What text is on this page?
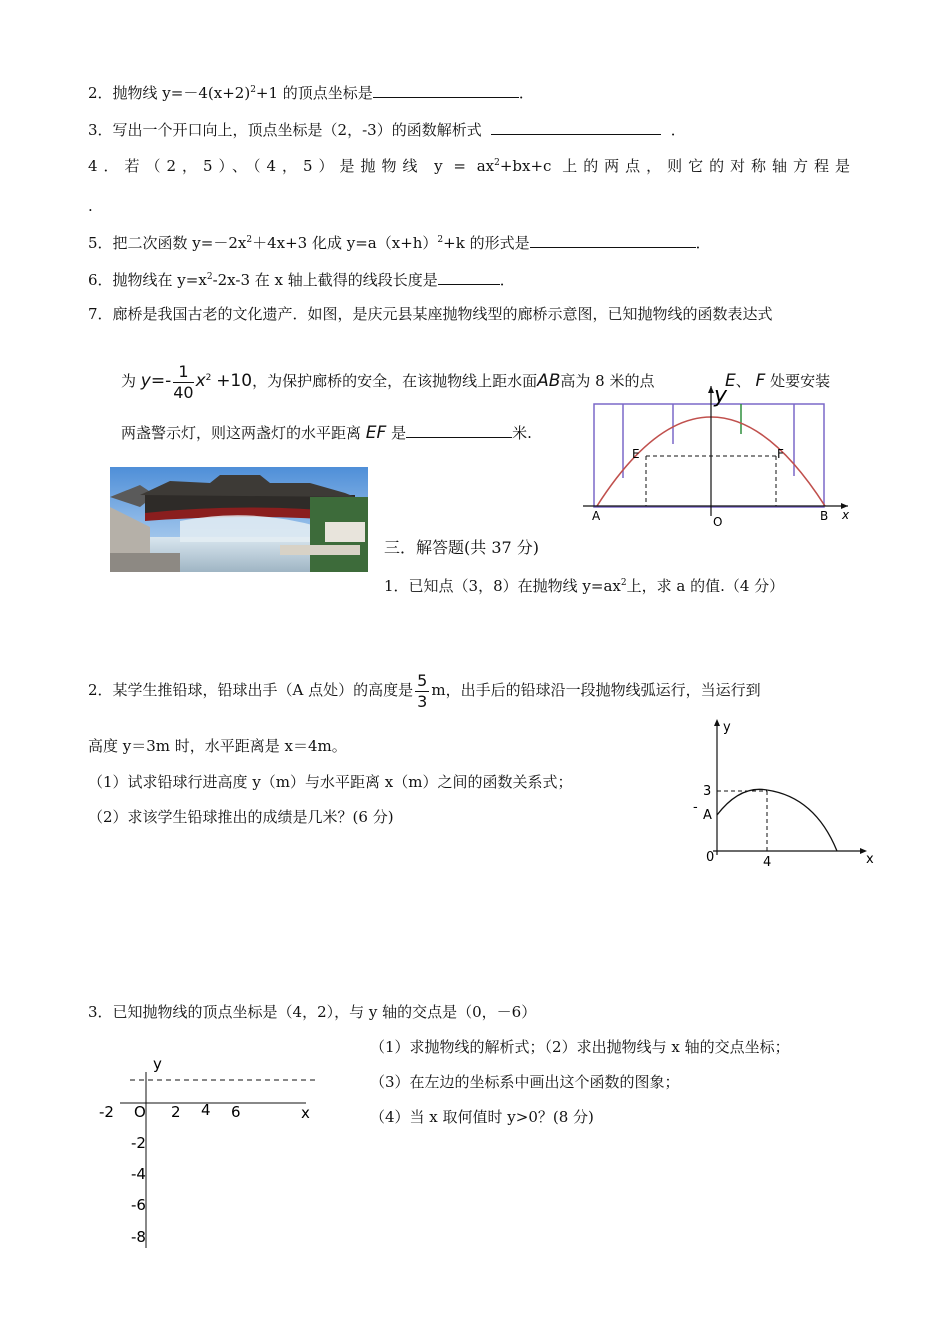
2．抛物线 $y=-4(x+2)^2+1$ 的顶点坐标是	．
3．写出一个开口向上，顶点坐标是（2，-3）的函数解析式	．
4．若（2，5）、（4，5）是抛物线 $y = ax^2+bx+c$ 上的两点，则它的对称轴方程是
.
5．把二次函数 $y=-2x^2+4x+3$ 化成 $y=a(x+h)^2+k$ 的形式是	．
6．抛物线在 $y=x^2-2x-3$ 在 x 轴上截得的线段长度是	．
7．廊桥是我国古老的文化遗产．如图，是庆元县某座抛物线型的廊桥示意图，已知抛物线的函数表达式
为 $y=- \frac{1}{40} x^2 +10$，为保护廊桥的安全，在该抛物线上距水面AB高为 8 米的点	E、 F 处要安装
两盏警示灯，则这两盏灯的水平距离 EF 是	米.
y
E	F
A	O	B x
三．解答题(共 37 分)
1．已知点（3，8）在抛物线 $y=ax^2$上，求 a 的值.（4 分）
2．某学生推铅球，铅球出手（A 点处）的高度是 $\frac{5}{3}$ m，出手后的铅球沿一段抛物线弧运行，当运行到
高度 y＝3m 时，水平距离是 x＝4m。
（1）试求铅球行进高度 y（m）与水平距离 x（m）之间的函数关系式；
（2）求该学生铅球推出的成绩是几米？(6 分)
y
3
-
A
0	4	x
3．已知抛物线的顶点坐标是（4，2），与 y 轴的交点是（0，－6）
（1）求抛物线的解析式；（2）求出抛物线与 x 轴的交点坐标；
（3）在左边的坐标系中画出这个函数的图象；
（4）当 x 取何值时 y>0？(8 分)
y
x
O
-2	2 4 6
-2
-4
-6
-8
